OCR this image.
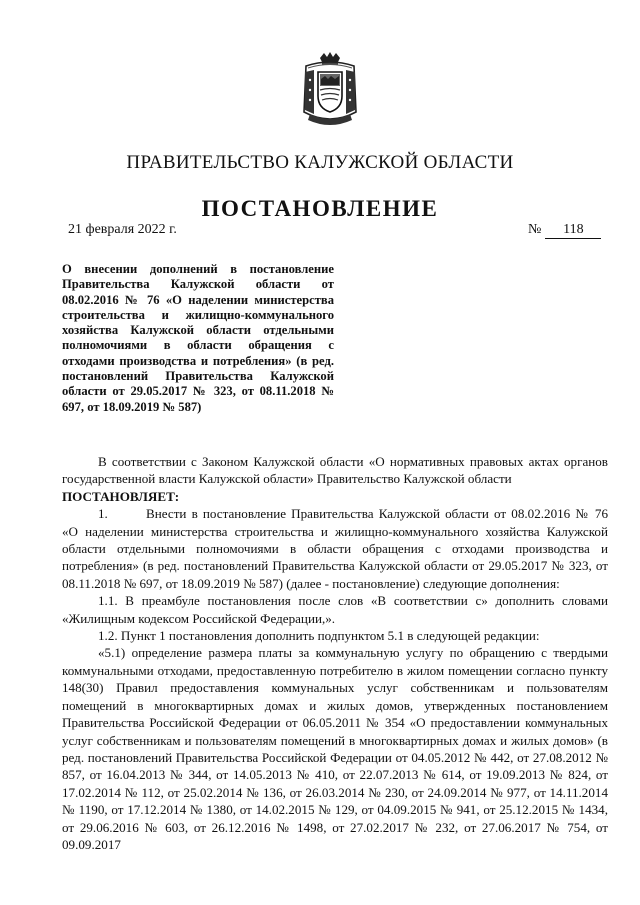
ПРАВИТЕЛЬСТВО КАЛУЖСКОЙ ОБЛАСТИ
ПОСТАНОВЛЕНИЕ
21 февраля 2022 г.	№ 118
О внесении дополнений в постановление Правительства Калужской области от 08.02.2016 № 76 «О наделении министерства строительства и жилищно-коммунального хозяйства Калужской области отдельными полномочиями в области обращения с отходами производства и потребления» (в ред. постановлений Правительства Калужской области от 29.05.2017 № 323, от 08.11.2018 № 697, от 18.09.2019 № 587)

В соответствии с Законом Калужской области «О нормативных правовых актах органов государственной власти Калужской области» Правительство Калужской области

ПОСТАНОВЛЯЕТ:

1.	Внести в постановление Правительства Калужской области от 08.02.2016 № 76 «О наделении министерства строительства и жилищно-коммунального хозяйства Калужской области отдельными полномочиями в области обращения с отходами производства и потребления» (в ред. постановлений Правительства Калужской области от 29.05.2017 № 323, от 08.11.2018 № 697, от 18.09.2019 № 587) (далее - постановление) следующие дополнения:

1.1. В преамбуле постановления после слов «В соответствии с» дополнить словами «Жилищным кодексом Российской Федерации,».

1.2. Пункт 1 постановления дополнить подпунктом 5.1 в следующей редакции:

«5.1) определение размера платы за коммунальную услугу по обращению с твердыми коммунальными отходами, предоставленную потребителю в жилом помещении согласно пункту 148(30) Правил предоставления коммунальных услуг собственникам и пользователям помещений в многоквартирных домах и жилых домов, утвержденных постановлением Правительства Российской Федерации от 06.05.2011 № 354 «О предоставлении коммунальных услуг собственникам и пользователям помещений в многоквартирных домах и жилых домов» (в ред. постановлений Правительства Российской Федерации от 04.05.2012 № 442, от 27.08.2012 № 857, от 16.04.2013 № 344, от 14.05.2013 № 410, от 22.07.2013 № 614, от 19.09.2013 № 824, от 17.02.2014 № 112, от 25.02.2014 № 136, от 26.03.2014 № 230, от 24.09.2014 № 977, от 14.11.2014 № 1190, от 17.12.2014 № 1380, от 14.02.2015 № 129, от 04.09.2015 № 941, от 25.12.2015 № 1434, от 29.06.2016 № 603, от 26.12.2016 № 1498, от 27.02.2017 № 232, от 27.06.2017 № 754, от 09.09.2017
